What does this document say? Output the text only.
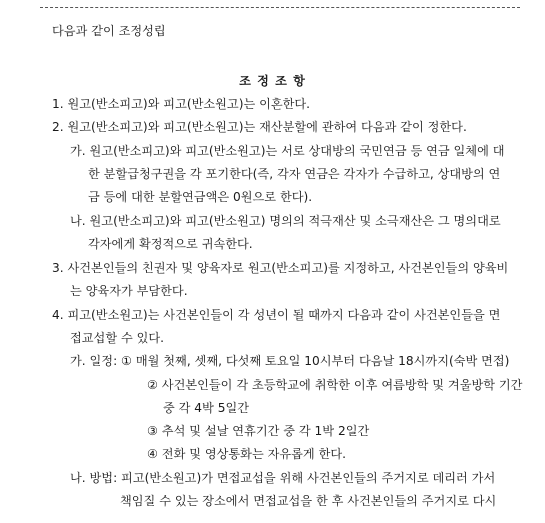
다음과 같이 조정성립
조 정 조 항
1. 원고(반소피고)와 피고(반소원고)는 이혼한다.
2. 원고(반소피고)와 피고(반소원고)는 재산분할에 관하여 다음과 같이 정한다.
가. 원고(반소피고)와 피고(반소원고)는 서로 상대방의 국민연금 등 연금 일체에 대
한 분할급청구권을 각 포기한다(즉, 각자 연금은 각자가 수급하고, 상대방의 연
금 등에 대한 분할연금액은 0원으로 한다).
나. 원고(반소피고)와 피고(반소원고) 명의의 적극재산 및 소극재산은 그 명의대로
각자에게 확정적으로 귀속한다.
3. 사건본인들의 친권자 및 양육자로 원고(반소피고)를 지정하고, 사건본인들의 양육비
는 양육자가 부담한다.
4. 피고(반소원고)는 사건본인들이 각 성년이 될 때까지 다음과 같이 사건본인들을 면
접교섭할 수 있다.
가. 일정: ① 매월 첫째, 셋째, 다섯째 토요일 10시부터 다음날 18시까지(숙박 면접)
② 사건본인들이 각 초등학교에 취학한 이후 여름방학 및 겨울방학 기간
중 각 4박 5일간
③ 추석 및 설날 연휴기간 중 각 1박 2일간
④ 전화 및 영상통화는 자유롭게 한다.
나. 방법: 피고(반소원고)가 면접교섭을 위해 사건본인들의 주거지로 데리러 가서
책임질 수 있는 장소에서 면접교섭을 한 후 사건본인들의 주거지로 다시
